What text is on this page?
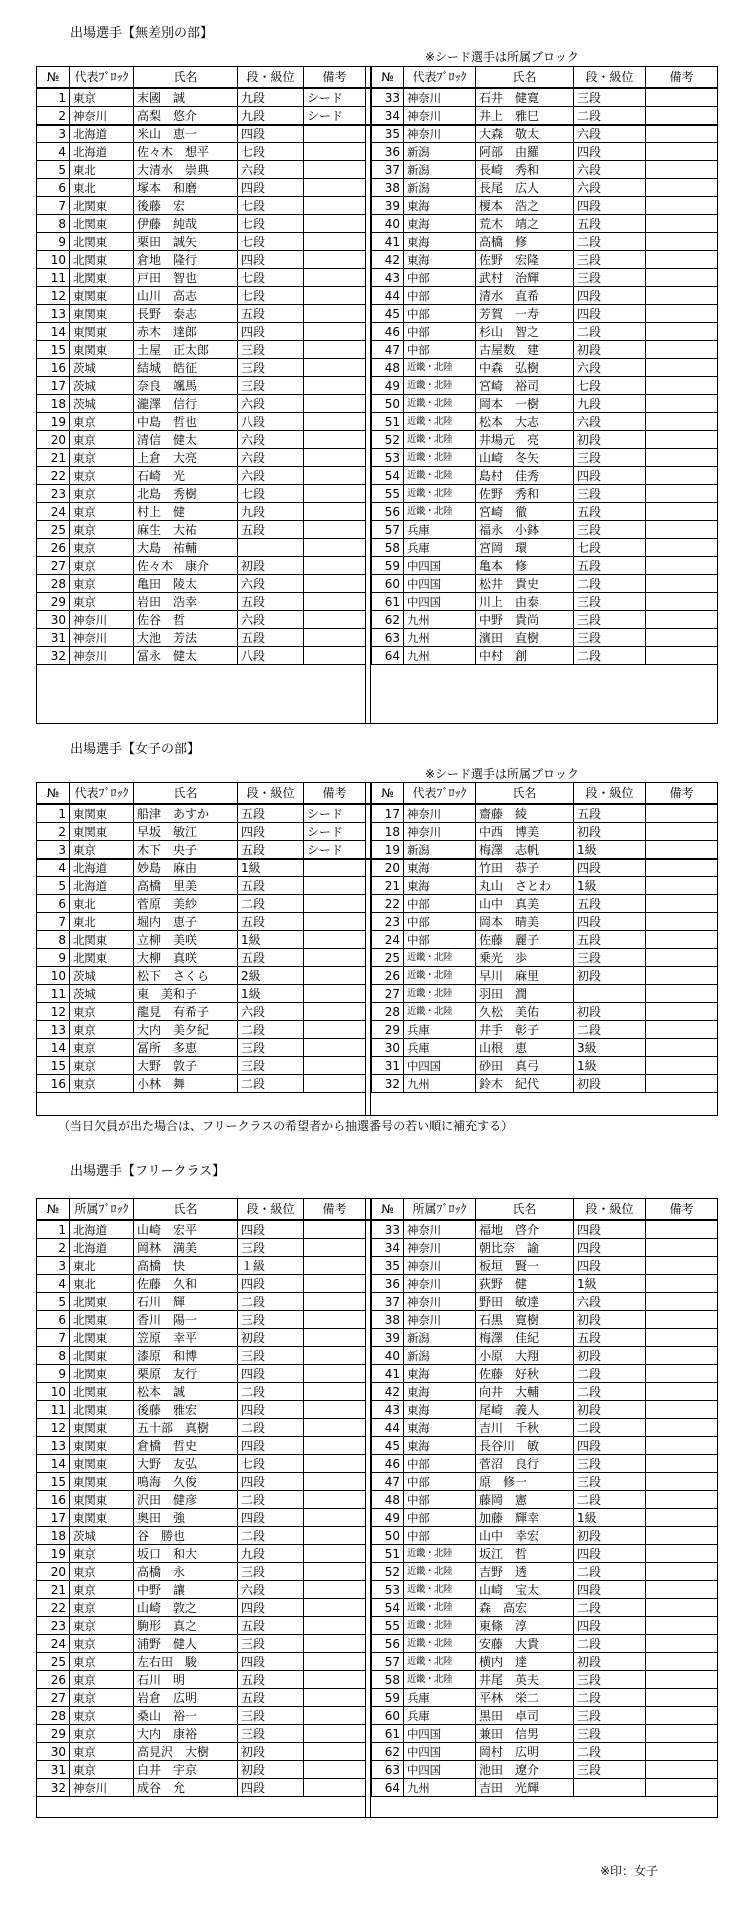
出場選手【無差別の部】
※シード選手は所属ブロック
№	代表ﾌﾞﾛｯｸ	氏名	段・級位	備考	№	代表ﾌﾞﾛｯｸ	氏名	段・級位	備考
1 東京	末國　誠	九段	シード	33 神奈川	石井　健寛	三段
2 神奈川	高梨　悠介	九段	シード	34 神奈川	井上　雅巳	二段
3 北海道	米山　恵一	四段	35 神奈川	大森　敬太	六段
4 北海道	佐々木　想平	七段	36 新潟	阿部　由羅	四段
5 東北	大清水　崇典	六段	37 新潟	長崎　秀和	六段
6 東北	塚本　和磨	四段	38 新潟	長尾　広人	六段
7 北関東	後藤　宏	七段	39 東海	榎本　浩之	四段
8 北関東	伊藤　純哉	七段	40 東海	荒木　靖之	五段
9 北関東	栗田　誠矢	七段	41 東海	高橋　修	二段
10 北関東	倉地　隆行	四段	42 東海	佐野　宏隆	三段
11 北関東	戸田　智也	七段	43 中部	武村　治輝	三段
12 東関東	山川　高志	七段	44 中部	清水　直希	四段
13 東関東	長野　泰志	五段	45 中部	芳賀　一寿	四段
14 東関東	赤木　達郎	四段	46 中部	杉山　智之	二段
15 東関東	土屋　正太郎	三段	47 中部	古屋数　建	初段
16 茨城	結城　皓征	三段	48 近畿・北陸	中森　弘樹	六段
17 茨城	奈良　颯馬	三段	49 近畿・北陸	宮崎　裕司	七段
18 茨城	瀧澤　信行	六段	50 近畿・北陸	岡本　一樹	九段
19 東京	中島　哲也	八段	51 近畿・北陸	松本　大志	六段
20 東京	清信　健太	六段	52 近畿・北陸	井場元　亮	初段
21 東京	上倉　大亮	六段	53 近畿・北陸	山崎　冬矢	三段
22 東京	石崎　光	六段	54 近畿・北陸	島村　佳秀	四段
23 東京	北島　秀樹	七段	55 近畿・北陸	佐野　秀和	三段
24 東京	村上　健	九段	56 近畿・北陸	宮崎　徹	五段
25 東京	麻生　大祐	五段	57 兵庫	福永　小鉢	三段
26 東京	大島　祐輔	58 兵庫	宮岡　環	七段
27 東京	佐々木　康介	初段	59 中四国	亀本　修	五段
28 東京	亀田　陵太	六段	60 中四国	松井　貴史	二段
29 東京	岩田　浩幸	五段	61 中四国	川上　由泰	三段
30 神奈川	佐谷　哲	六段	62 九州	中野　貴尚	三段
31 神奈川	大池　芳法	五段	63 九州	濱田　直樹	三段
32 神奈川	冨永　健太	八段	64 九州	中村　創	二段
出場選手【女子の部】
※シード選手は所属ブロック
№	代表ﾌﾞﾛｯｸ	氏名	段・級位	備考	№	代表ﾌﾞﾛｯｸ	氏名	段・級位	備考
1 東関東	船津　あすか	五段	シード	17 神奈川	齋藤　綾	五段
2 東関東	早坂　敏江	四段	シード	18 神奈川	中西　博美	初段
3 東京	木下　央子	五段	シード	19 新潟	梅澤　志帆	1級
4 北海道	妙島　麻由	1級	20 東海	竹田　恭子	四段
5 北海道	高橋　里美	五段	21 東海	丸山　さとわ	1級
6 東北	菅原　美紗	二段	22 中部	山中　真美	五段
7 東北	堀内　恵子	五段	23 中部	岡本　晴美	四段
8 北関東	立柳　美咲	1級	24 中部	佐藤　麗子	五段
9 北関東	大柳　真咲	五段	25 近畿・北陸	乗光　歩	三段
10 茨城	松下　さくら	2級	26 近畿・北陸	早川　麻里	初段
11 茨城	東　美和子	1級	27 近畿・北陸	羽田　潤
12 東京	龍見　有希子	六段	28 近畿・北陸	久松　美佑	初段
13 東京	大内　美夕紀	二段	29 兵庫	井手　彰子	二段
14 東京	冨所　多恵	三段	30 兵庫	山根　恵	3級
15 東京	大野　敦子	三段	31 中四国	砂田　真弓	1級
16 東京	小林　舞	二段	32 九州	鈴木　紀代	初段
（当日欠員が出た場合は、フリークラスの希望者から抽選番号の若い順に補充する）
出場選手【フリークラス】
№	所属ﾌﾞﾛｯｸ	氏名	段・級位	備考	№	所属ﾌﾞﾛｯｸ	氏名	段・級位	備考
1 北海道	山崎　宏平	四段	33 神奈川	福地　啓介	四段
2 北海道	岡林　満美	三段	34 神奈川	朝比奈　諭	四段
3 東北	高橋　快	１級	35 神奈川	板垣　賢一	四段
4 東北	佐藤　久和	四段	36 神奈川	荻野　健	1級
5 北関東	石川　輝	二段	37 神奈川	野田　敏達	六段
6 北関東	香川　陽一	三段	38 神奈川	石黒　寛樹	初段
7 北関東	笠原　幸平	初段	39 新潟	梅澤　佳紀	五段
8 北関東	漆原　和博	三段	40 新潟	小原　大翔	初段
9 北関東	栗原　友行	四段	41 東海	佐藤　好秋	二段
10 北関東	松本　誠	二段	42 東海	向井　大輔	二段
11 北関東	後藤　雅宏	四段	43 東海	尾崎　義人	初段
12 東関東	五十部　真樹	二段	44 東海	吉川　千秋	二段
13 東関東	倉橋　哲史	四段	45 東海	長谷川　敏	四段
14 東関東	大野　友弘	七段	46 中部	菅沼　良行	三段
15 東関東	鳴海　久俊	四段	47 中部	原　修一	三段
16 東関東	沢田　健彦	二段	48 中部	藤岡　憲	二段
17 東関東	奥田　強	四段	49 中部	加藤　輝幸	1級
18 茨城	谷　勝也	二段	50 中部	山中　幸宏	初段
19 東京	坂口　和大	九段	51 近畿・北陸	坂江　哲	四段
20 東京	高橋　永	三段	52 近畿・北陸	吉野　透	二段
21 東京	中野　讓	六段	53 近畿・北陸	山崎　宝太	四段
22 東京	山崎　敦之	四段	54 近畿・北陸	森　高宏	二段
23 東京	駒形　真之	五段	55 近畿・北陸	東條　淳	四段
24 東京	浦野　健人	三段	56 近畿・北陸	安藤　大貴	二段
25 東京	左右田　駿	四段	57 近畿・北陸	横内　達	初段
26 東京	石川　明	五段	58 近畿・北陸	井尾　英夫	三段
27 東京	岩倉　広明	五段	59 兵庫	平林　栄二	二段
28 東京	桑山　裕一	三段	60 兵庫	黒田　卓司	三段
29 東京	大内　康裕	三段	61 中四国	兼田　信男	三段
30 東京	高見沢　大樹	初段	62 中四国	岡村　広明	二段
31 東京	白井　宇京	初段	63 中四国	池田　遼介	三段
32 神奈川	成谷　允	四段	64 九州	吉田　光輝
※印：女子
